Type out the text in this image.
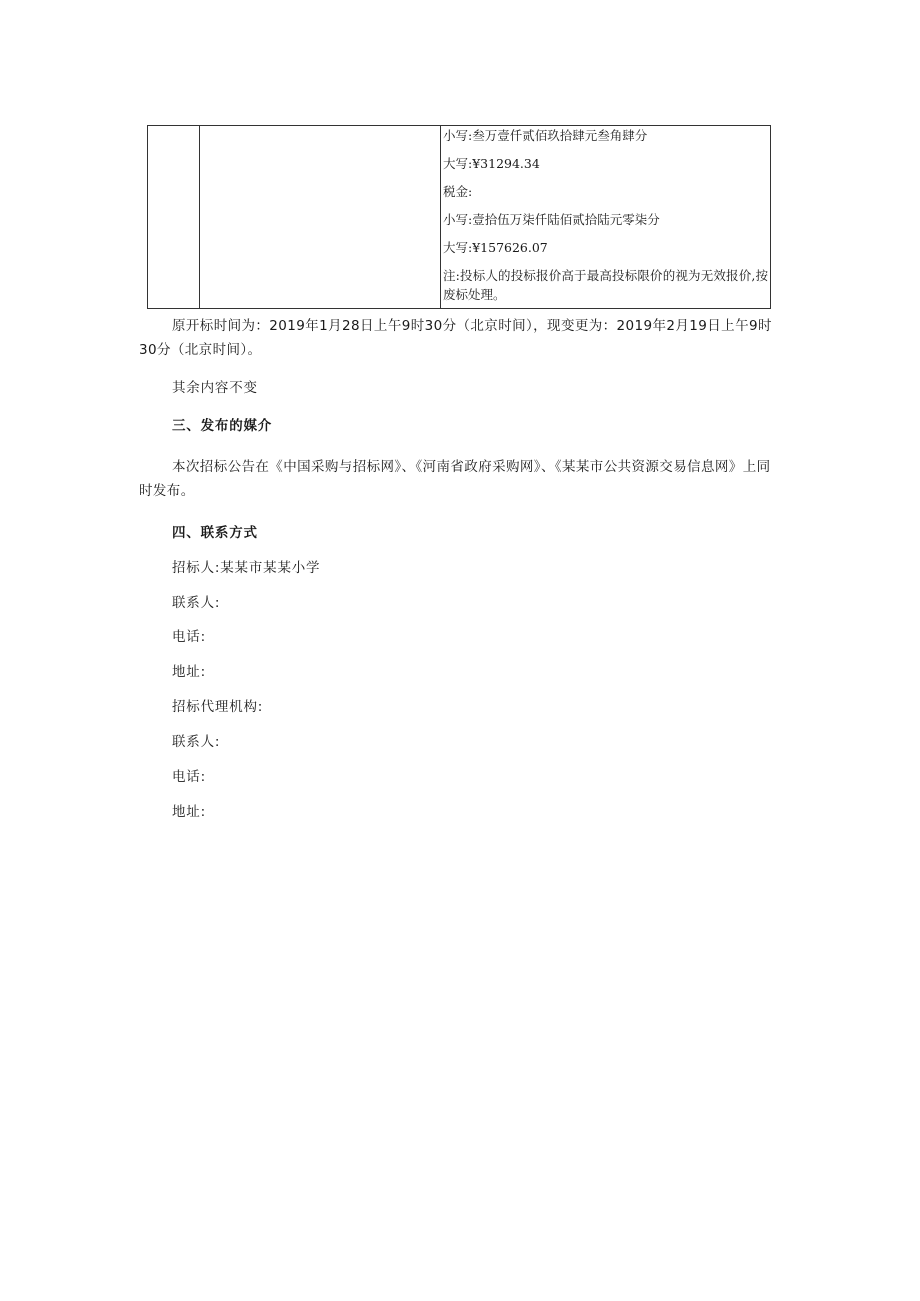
小写:叁万壹仟贰佰玖拾肆元叁角肆分
大写:¥31294.34
税金:
小写:壹拾伍万柒仟陆佰贰拾陆元零柒分
大写:¥157626.07
注:投标人的投标报价高于最高投标限价的视为无效报价,按废标处理。
原开标时间为：2019年1月28日上午9时30分（北京时间），现变更为：2019年2月19日上午9时30分（北京时间）。
其余内容不变
三、发布的媒介
本次招标公告在《中国采购与招标网》、《河南省政府采购网》、《某某市公共资源交易信息网》上同时发布。
四、联系方式
招标人:某某市某某小学
联系人:
电话:
地址:
招标代理机构:
联系人:
电话:
地址:
